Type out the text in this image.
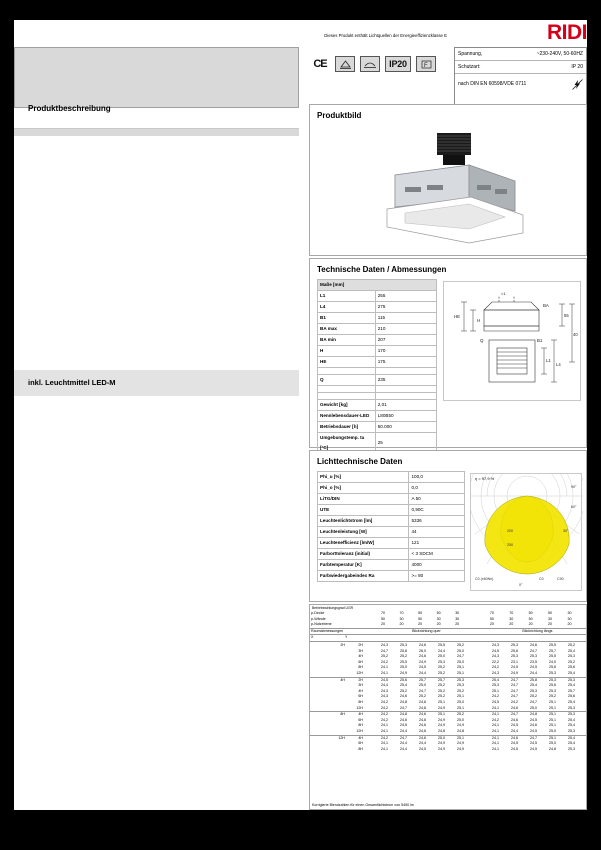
RIDI
Dieses Produkt enthält Lichtquellen der Energieeffizienzklasse E
CE	IP20	F
Spannung,	~230-240V, 50-60HZ
Schutzart:	IP 20
nach DIN EN 60598/VDE 0711
Produktbeschreibung
inkl. Leuchtmittel LED-M
Produktbild
Technische Daten / Abmessungen
Maße [mm]	
L1	255
L4	275
B1	115
BA max	210
BA min	207
H	170
HE	175

Q	235

Gewicht [kg]	2,01
Nennlebensdauer-LED	L80B50
Betriebsdauer [h]	50.000
Umgebungstemp. ta [°C]	25
<1
BA
HE
H
55
40
Q	B1
L1
L4
Lichttechnische Daten
Phi_u [%]	100,0
Phi_o [%]	0,0
LiTG/DIN	A 50
UTE	0,90C
Leuchtenlichtstrom [lm]	5336
Leuchtenleistung [W]	44
Leuchtenefficienz [lm/W]	121
Farborttoleranz (initial)	< 3 SDCM
Farbtemperatur [K]	4000
Farbwiedergabeindex Ra	>= 80
η = 97,9 %
90°
60°
30°
0°
250
200
C0 (x60Nn)	C0	C90
Betriebswirkungsgrad UGR
p-Decke	70	70	50	50	30		70	70	50	50	30
p-Wände	50	30	50	30	30		50	30	50	30	30
p-Nutzebene	20	20	20	20	20		20	20	20	20	20
Raumabmessungen	Blickrichtung quer						Blickrichtung längs				
X Y											
2H 2H	24,3	25,3	24,6	25,5	25,2		24,3	25,3	24,6	25,5	25,2
3H	24,7	25,8	26,0	24,4	25,0		24,5	25,6	24,7	25,7	25,4
4H	25,2	25,2	24,6	25,0	24,7		24,3	25,3	25,3	25,5	25,3
6H	24,2	25,5	24,9	25,3	25,0		22,2	23,1	23,5	24,0	25,2
8H	24,1	25,0	24,5	25,2	25,1		24,2	24,5	24,5	25,6	25,6
12H	24,1	24,9	24,4	25,2	25,1		24,3	24,9	24,4	25,3	25,4
4H 2H	24,5	25,6	25,7	25,7	25,3		25,4	24,7	25,8	25,3	25,3
3H	24,4	25,4	25,0	25,2	25,3		25,3	24,7	25,4	25,6	25,4
4H	24,3	25,2	24,7	25,2	25,2		25,1	24,7	25,3	25,3	25,7
6H	24,3	24,6	25,2	25,2	25,1		24,2	24,7	25,2	25,2	25,6
8H	24,2	24,8	24,6	25,1	25,0		24,5	24,2	24,7	25,1	25,4
12H	24,2	24,7	24,8	24,9	25,1		24,1	24,6	25,0	25,1	25,3
8H 4H	24,2	24,8	24,6	25,1	25,2		24,1	24,7	24,8	25,1	25,3
6H	24,2	24,6	24,6	24,9	25,0		24,2	24,6	24,5	25,1	25,4
8H	24,1	24,5	24,6	24,9	24,9		24,1	24,5	24,6	25,1	25,4
12H	24,1	24,4	24,6	24,8	24,8		24,1	24,4	24,5	25,0	25,3
12H 4H	24,2	24,7	24,6	25,0	25,1		24,1	24,6	24,7	25,1	25,4
6H	24,1	24,4	24,4	24,9	24,9		24,1	24,5	24,5	25,0	25,4
8H	24,1	24,4	24,5	24,9	24,9		24,1	24,5	24,5	24,8	25,3
Korrigierte Blendzahlen für einen Gesamtlichtstrom von 5450 lm
